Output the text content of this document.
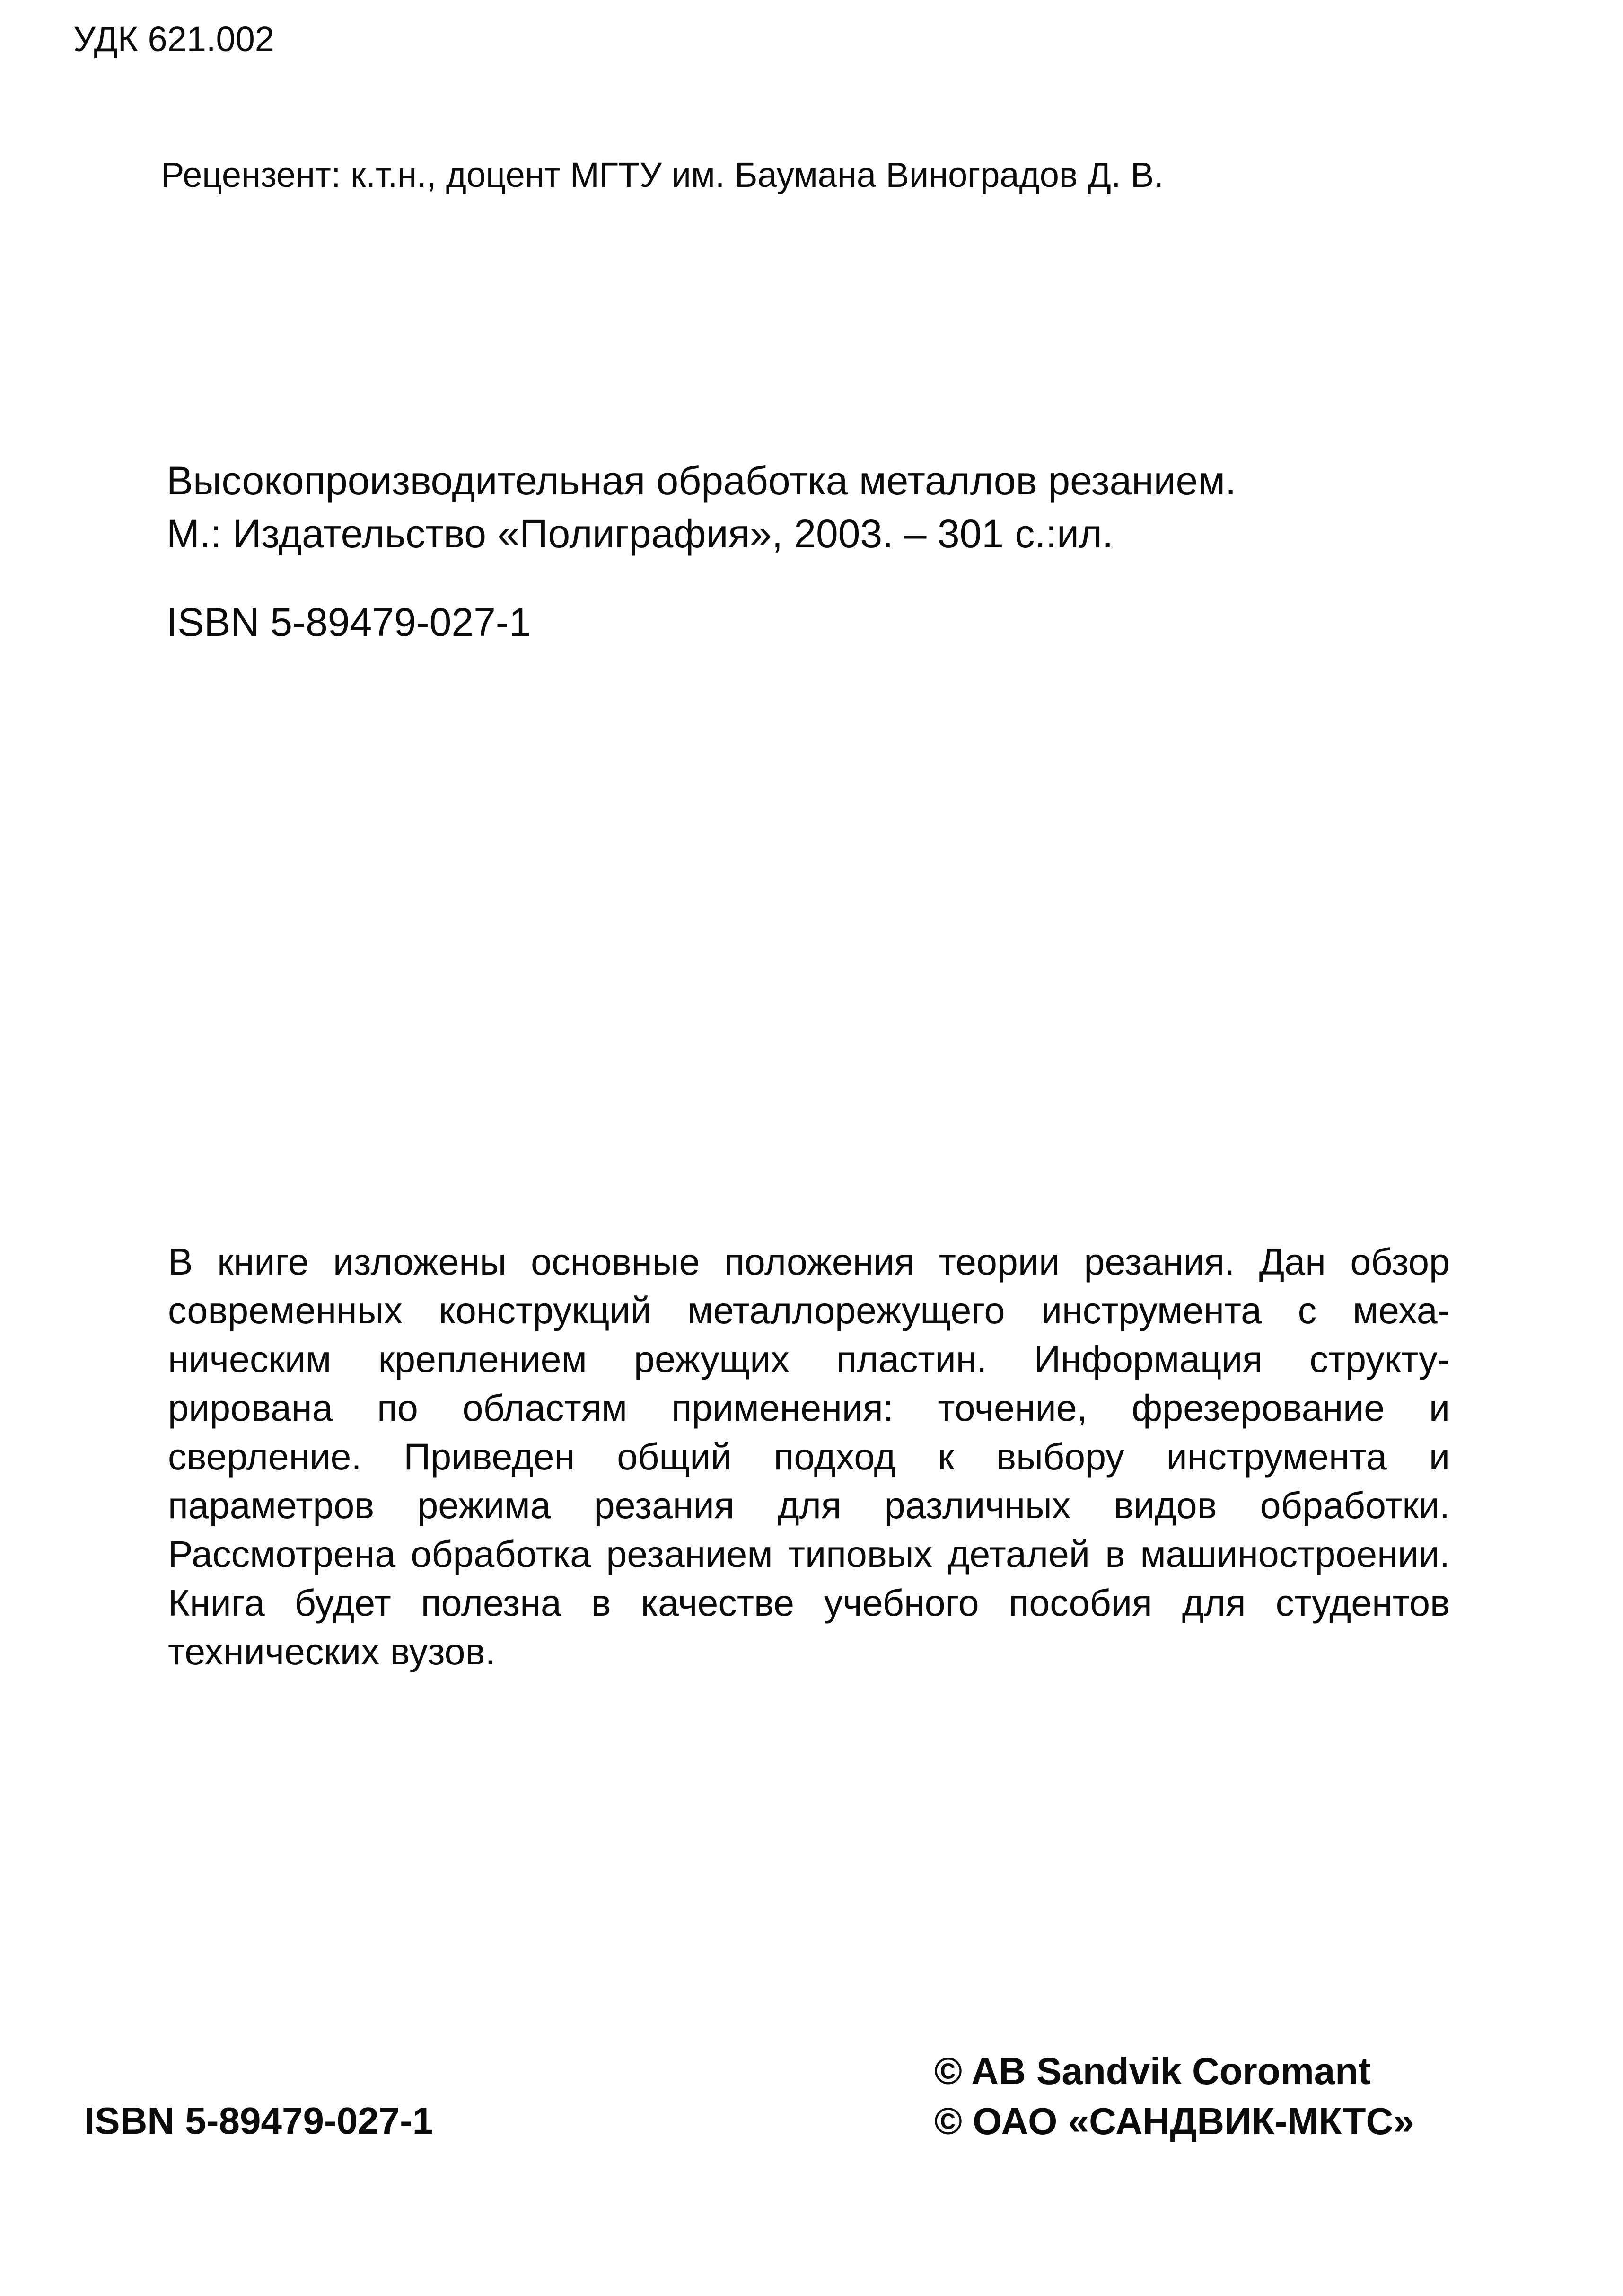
УДК 621.002
Рецензент: к.т.н., доцент МГТУ им. Баумана Виноградов Д. В.
Высокопроизводительная обработка металлов резанием.
М.: Издательство «Полиграфия», 2003. – 301 с.:ил.
ISBN 5-89479-027-1
В книге изложены основные положения теории резания. Дан обзор
современных конструкций металлорежущего инструмента с меха-
ническим креплением режущих пластин. Информация структу-
рирована по областям применения: точение, фрезерование и
сверление. Приведен общий подход к выбору инструмента и
параметров режима резания для различных видов обработки.
Рассмотрена обработка резанием типовых деталей в машиностроении.
Книга будет полезна в качестве учебного пособия для студентов
технических вузов.
ISBN 5-89479-027-1
© AB Sandvik Coromant
© ОАО «САНДВИК-МКТС»
